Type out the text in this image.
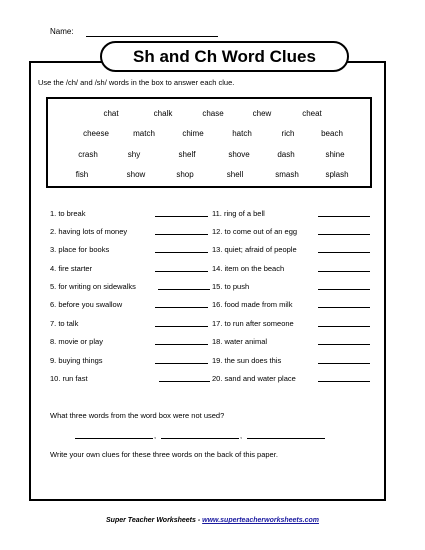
Name:
Sh and Ch Word Clues
Use the /ch/ and /sh/ words in the box to answer each clue.
chat	chalk	chase	chew	cheat
cheese	match	chime	hatch	rich	beach
crash	shy	shelf	shove	dash	shine
fish	show	shop	shell	smash	splash
1. to break
2. having lots of money
3. place for books
4. fire starter
5. for writing on sidewalks
6. before you swallow
7. to talk
8. movie or play
9. buying things
10. run fast
11. ring of a bell
12. to come out of an egg
13. quiet; afraid of people
14. item on the beach
15. to push
16. food made from milk
17. to run after someone
18. water animal
19. the sun does this
20. sand and water place
What three words from the word box were not used?
,	,
Write your own clues for these three words on the back of this paper.
Super Teacher Worksheets - www.superteacherworksheets.com
